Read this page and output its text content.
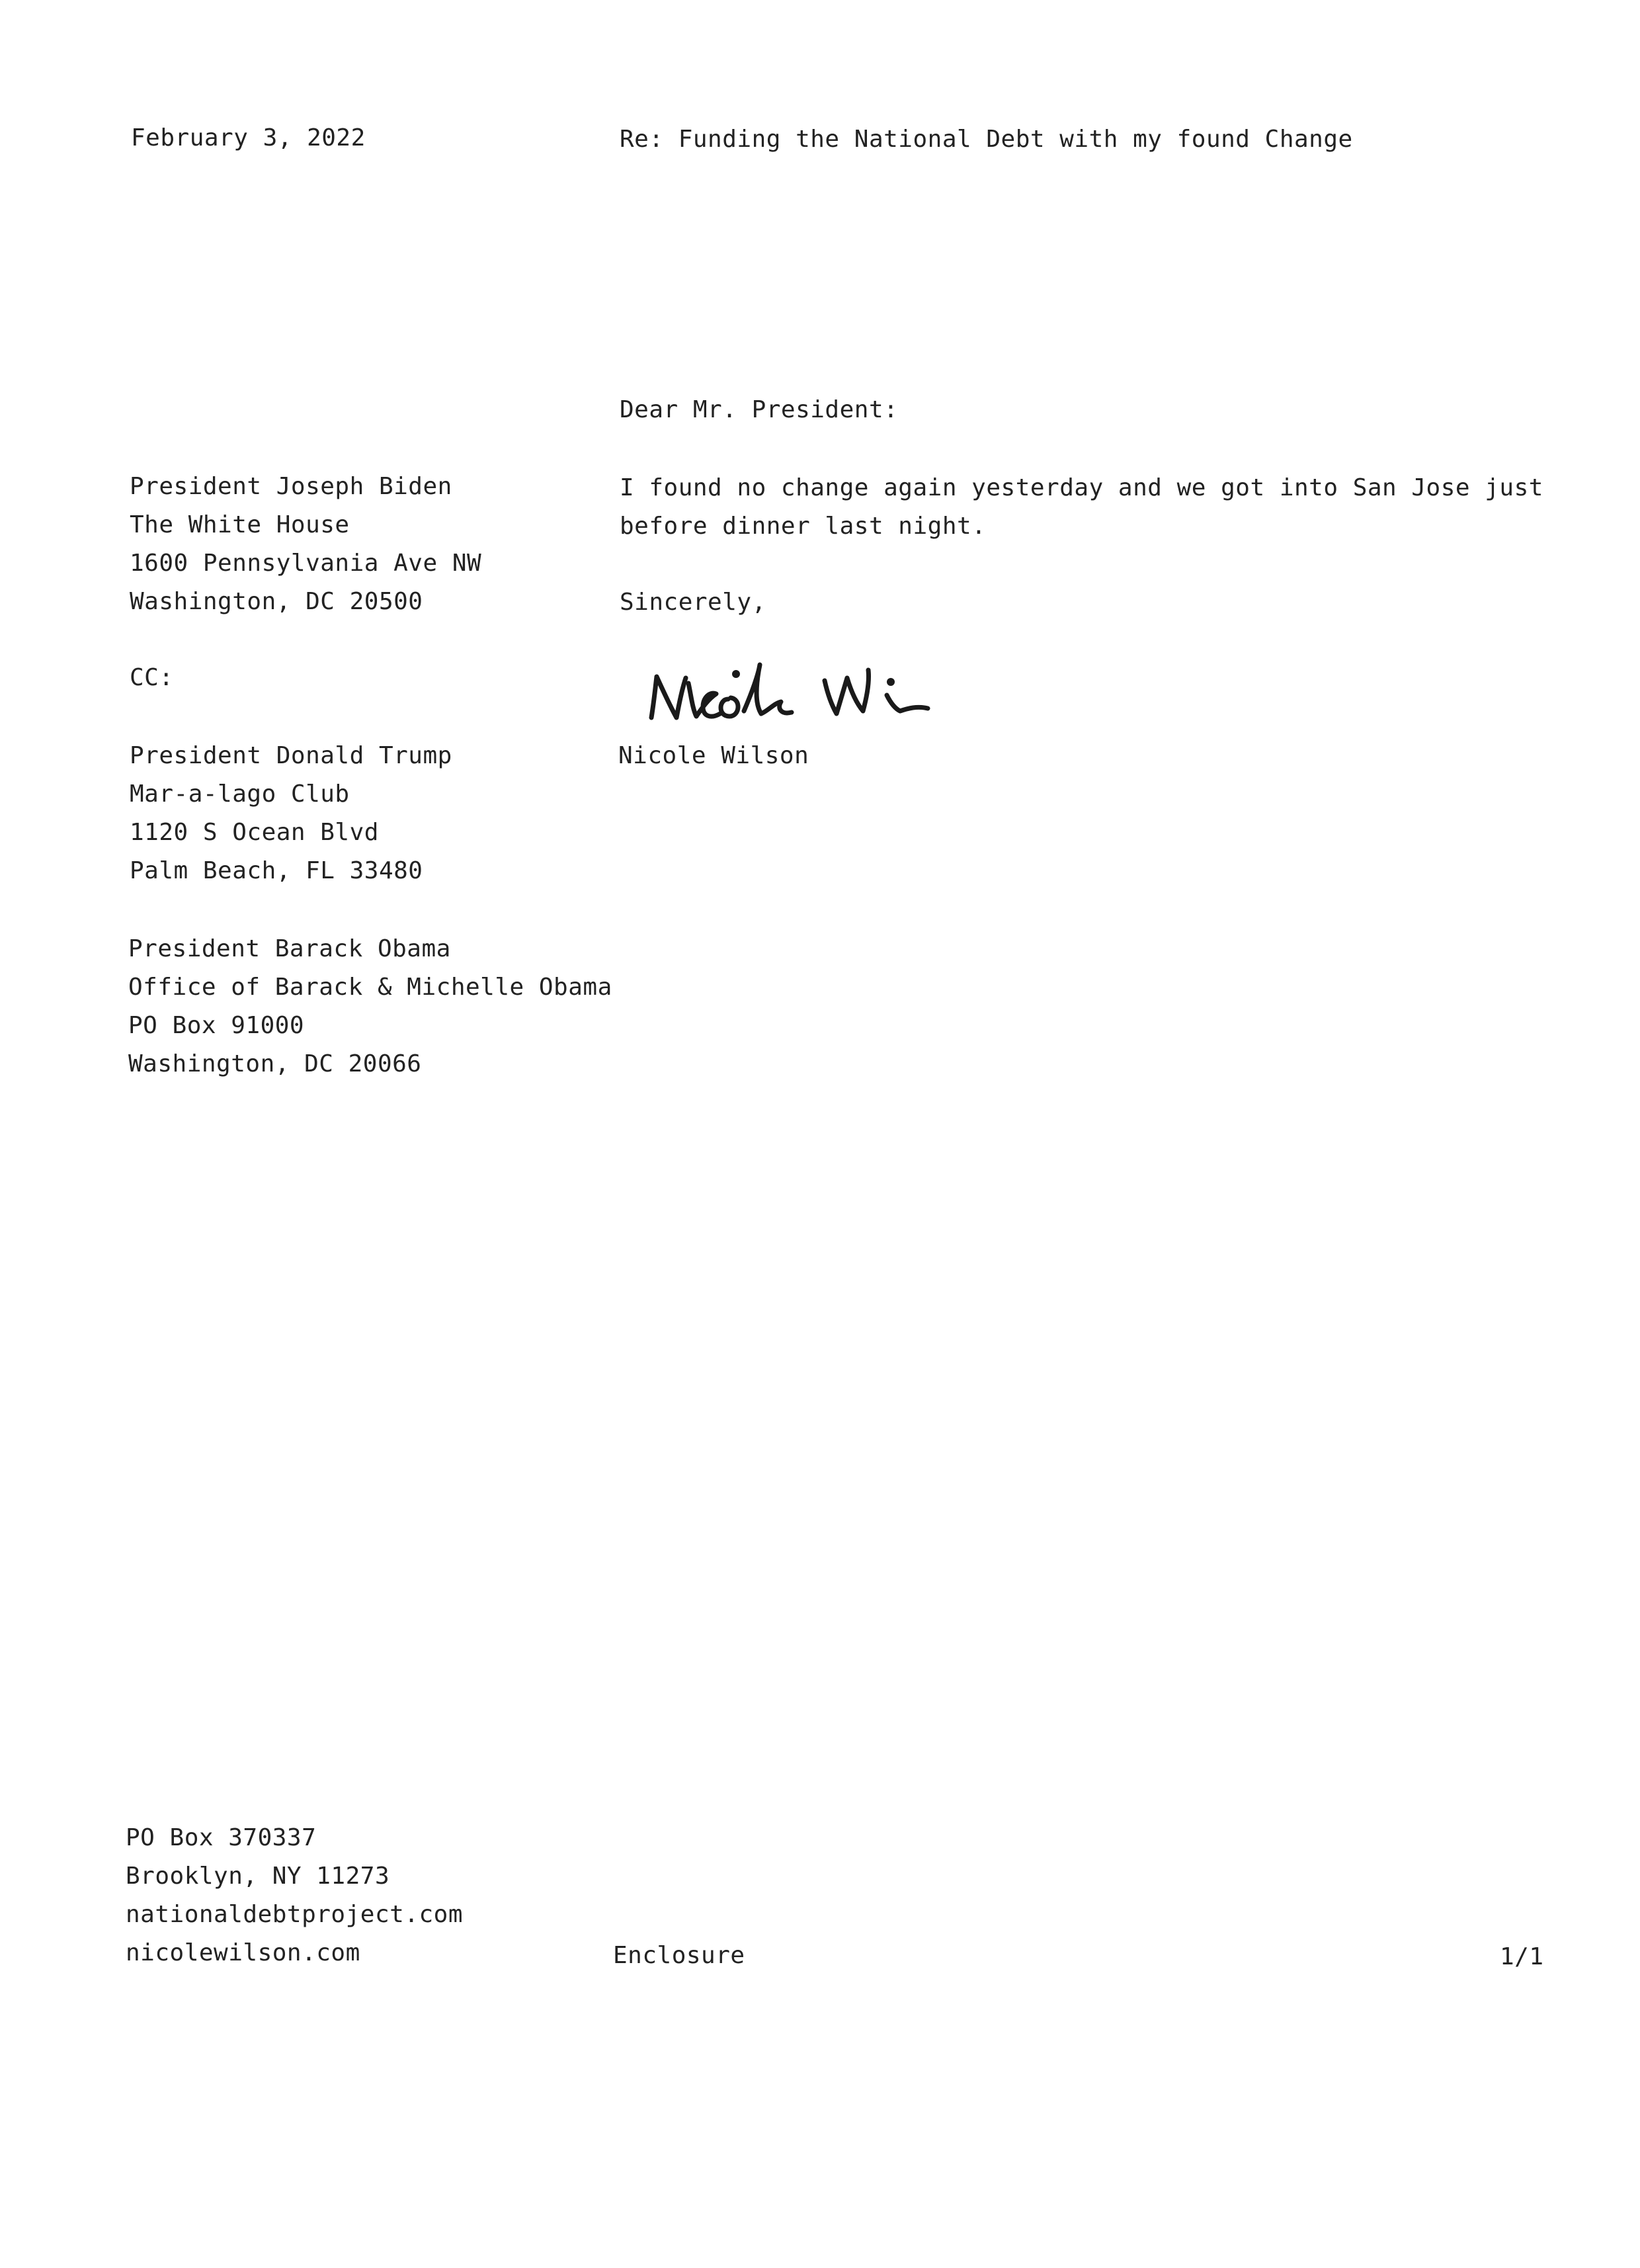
February 3, 2022	Re: Funding the National Debt with my found Change
Dear Mr. President:
President Joseph Biden
The White House
1600 Pennsylvania Ave NW
Washington, DC 20500
I found no change again yesterday and we got into San Jose just
before dinner last night.
Sincerely,
CC:
Nicole Wilson
President Donald Trump
Mar-a-lago Club
1120 S Ocean Blvd
Palm Beach, FL 33480
President Barack Obama
Office of Barack & Michelle Obama
PO Box 91000
Washington, DC 20066
PO Box 370337
Brooklyn, NY 11273
nationaldebtproject.com
nicolewilson.com	Enclosure	1/1
